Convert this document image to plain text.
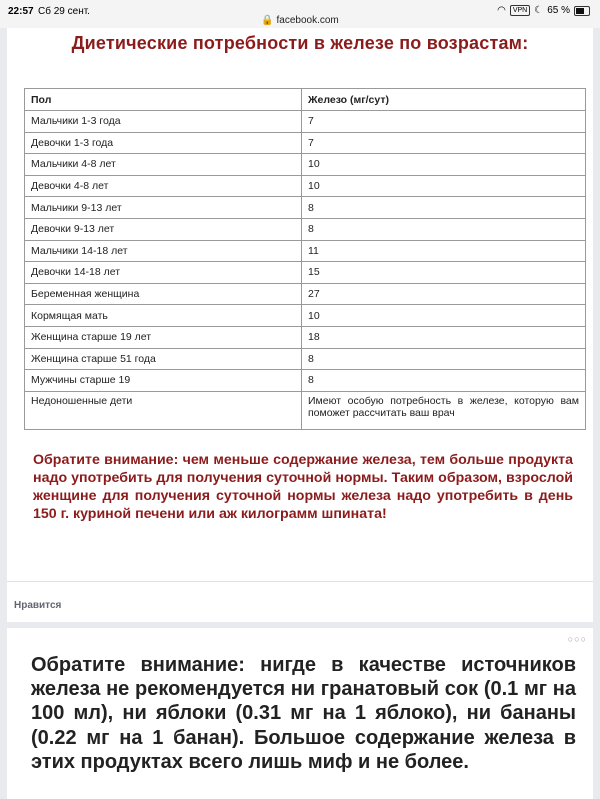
22:57 Сб 29 сент.
🔒 facebook.com
◠	VPN ☾ 65 %
Диетические потребности в железе по возрастам:
Пол	Железо (мг/сут)
Мальчики 1-3 года	7
Девочки 1-3 года	7
Мальчики 4-8 лет	10
Девочки 4-8 лет	10
Мальчики 9-13 лет	8
Девочки 9-13 лет	8
Мальчики 14-18 лет	11
Девочки 14-18 лет	15
Беременная женщина	27
Кормящая мать	10
Женщина старше 19 лет	18
Женщина старше 51 года	8
Мужчины старше 19	8
Недоношенные дети	Имеют особую потребность в железе, которую вам поможет рассчитать ваш врач
Обратите внимание: чем меньше содержание железа, тем больше продукта надо употребить для получения суточной нормы. Таким образом, взрослой женщине для получения суточной нормы железа надо употребить в день 150 г. куриной печени или аж килограмм шпината!
Нравится
○○○
Обратите внимание: нигде в качестве источников железа не рекомендуется ни гранатовый сок (0.1 мг на 100 мл), ни яблоки (0.31 мг на 1 яблоко), ни бананы (0.22 мг на 1 банан). Большое содержание железа в этих продуктах всего лишь миф и не более.
